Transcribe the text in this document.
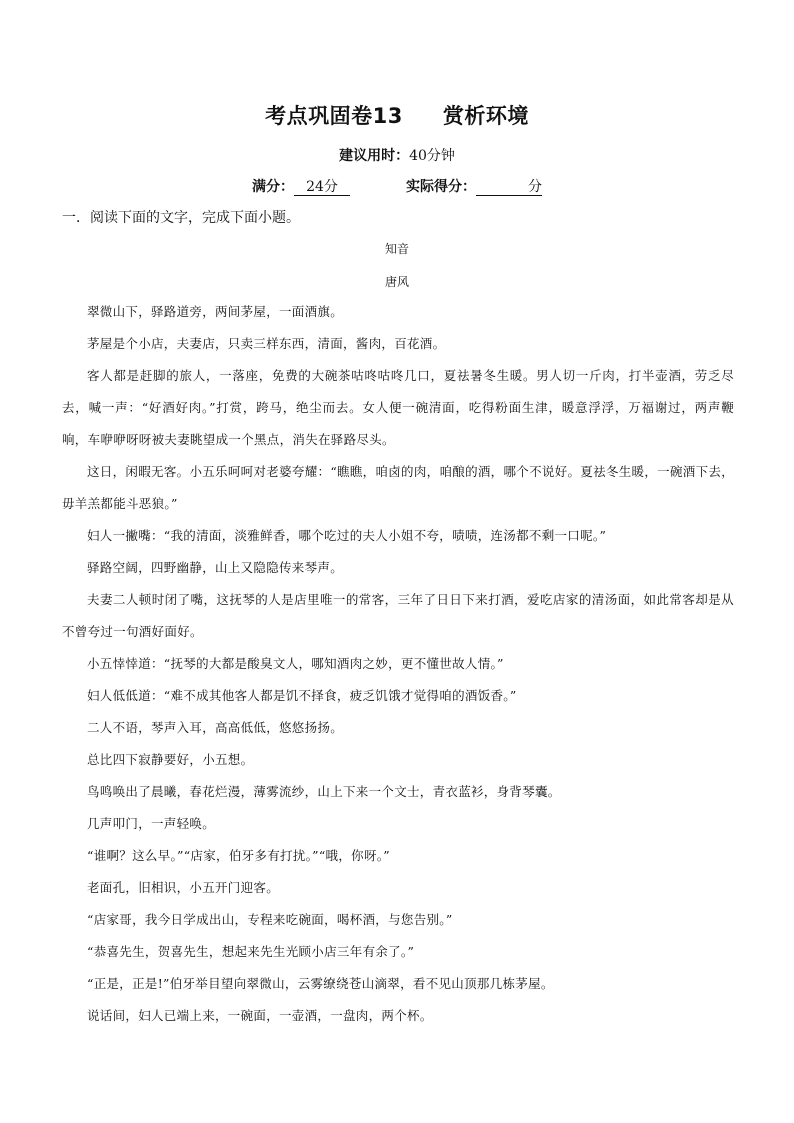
考点巩固卷13 赏析环境
建议用时：40分钟
满分： 24分	实际得分：	分
一．阅读下面的文字，完成下面小题。
知音
唐风

翠微山下，驿路道旁，两间茅屋，一面酒旗。

茅屋是个小店，夫妻店，只卖三样东西，清面，酱肉，百花酒。

客人都是赶脚的旅人，一落座，免费的大碗茶咕咚咕咚几口，夏祛暑冬生暖。男人切一斤肉，打半壶酒，劳乏尽去，喊一声：“好酒好肉。”打赏，跨马，绝尘而去。女人便一碗清面，吃得粉面生津，暖意浮浮，万福谢过，两声鞭响，车咿咿呀呀被夫妻眺望成一个黑点，消失在驿路尽头。

这日，闲暇无客。小五乐呵呵对老婆夸耀：“瞧瞧，咱卤的肉，咱酿的酒，哪个不说好。夏祛冬生暖，一碗酒下去，毋羊羔都能斗恶狼。”

妇人一撇嘴：“我的清面，淡雅鲜香，哪个吃过的夫人小姐不夸，啧啧，连汤都不剩一口呢。”

驿路空阔，四野幽静，山上又隐隐传来琴声。

夫妻二人顿时闭了嘴，这抚琴的人是店里唯一的常客，三年了日日下来打酒，爱吃店家的清汤面，如此常客却是从不曾夸过一句酒好面好。

小五悻悻道：“抚琴的大都是酸臭文人，哪知酒肉之妙，更不懂世故人情。”

妇人低低道：“难不成其他客人都是饥不择食，疲乏饥饿才觉得咱的酒饭香。”

二人不语，琴声入耳，高高低低，悠悠扬扬。

总比四下寂静要好，小五想。

鸟鸣唤出了晨曦，春花烂漫，薄雾流纱，山上下来一个文士，青衣蓝衫，身背琴囊。

几声叩门，一声轻唤。

“谁啊？这么早。”“店家，伯牙多有打扰。”“哦，你呀。”

老面孔，旧相识，小五开门迎客。

“店家哥，我今日学成出山，专程来吃碗面，喝杯酒，与您告别。”

“恭喜先生，贺喜先生，想起来先生光顾小店三年有余了。”

“正是，正是!”伯牙举目望向翠微山，云雾缭绕苍山滴翠，看不见山顶那几栋茅屋。

说话间，妇人已端上来，一碗面，一壶酒，一盘肉，两个杯。
